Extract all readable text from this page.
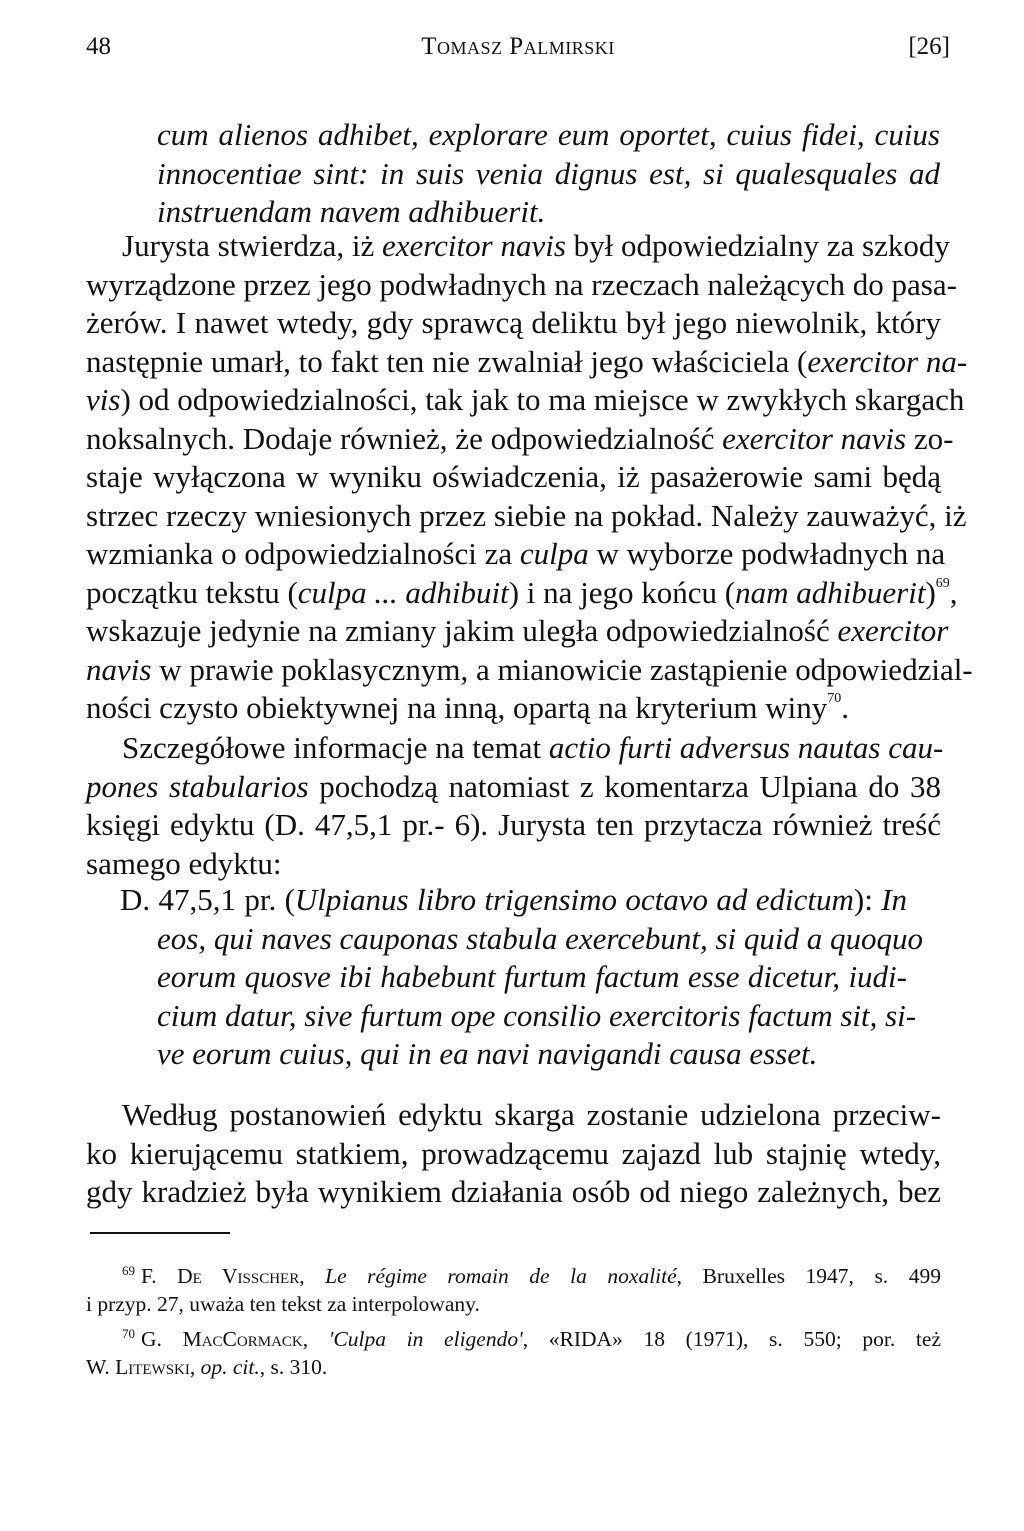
48	Tomasz Palmirski	[26]
cum alienos adhibet, explorare eum oportet, cuius fidei, cuius
innocentiae sint: in suis venia dignus est, si qualesquales ad
instruendam navem adhibuerit.
Jurysta stwierdza, iż exercitor navis był odpowiedzialny za szkody
wyrządzone przez jego podwładnych na rzeczach należących do pasa-
żerów. I nawet wtedy, gdy sprawcą deliktu był jego niewolnik, który
następnie umarł, to fakt ten nie zwalniał jego właściciela (exercitor na-
vis) od odpowiedzialności, tak jak to ma miejsce w zwykłych skargach
noksalnych. Dodaje również, że odpowiedzialność exercitor navis zo-
staje wyłączona w wyniku oświadczenia, iż pasażerowie sami będą
strzec rzeczy wniesionych przez siebie na pokład. Należy zauważyć, iż
wzmianka o odpowiedzialności za culpa w wyborze podwładnych na
początku tekstu (culpa ... adhibuit) i na jego końcu (nam adhibuerit)$^{69}$,
wskazuje jedynie na zmiany jakim uległa odpowiedzialność exercitor
navis w prawie poklasycznym, a mianowicie zastąpienie odpowiedzial-
ności czysto obiektywnej na inną, opartą na kryterium winy$^{70}$.
Szczegółowe informacje na temat actio furti adversus nautas cau-
pones stabularios pochodzą natomiast z komentarza Ulpiana do 38
księgi edyktu (D. 47,5,1 pr.- 6). Jurysta ten przytacza również treść
samego edyktu:
D. 47,5,1 pr. (Ulpianus libro trigensimo octavo ad edictum): In
eos, qui naves cauponas stabula exercebunt, si quid a quoquo
eorum quosve ibi habebunt furtum factum esse dicetur, iudi-
cium datur, sive furtum ope consilio exercitoris factum sit, si-
ve eorum cuius, qui in ea navi navigandi causa esset.
Według postanowień edyktu skarga zostanie udzielona przeciw-
ko kierującemu statkiem, prowadzącemu zajazd lub stajnię wtedy,
gdy kradzież była wynikiem działania osób od niego zależnych, bez
$^{69}$ F. De Visscher, Le régime romain de la noxalité, Bruxelles 1947, s. 499
i przyp. 27, uważa ten tekst za interpolowany.
$^{70}$ G. MacCormack, 'Culpa in eligendo', «RIDA» 18 (1971), s. 550; por. też
W. Litewski, op. cit., s. 310.
